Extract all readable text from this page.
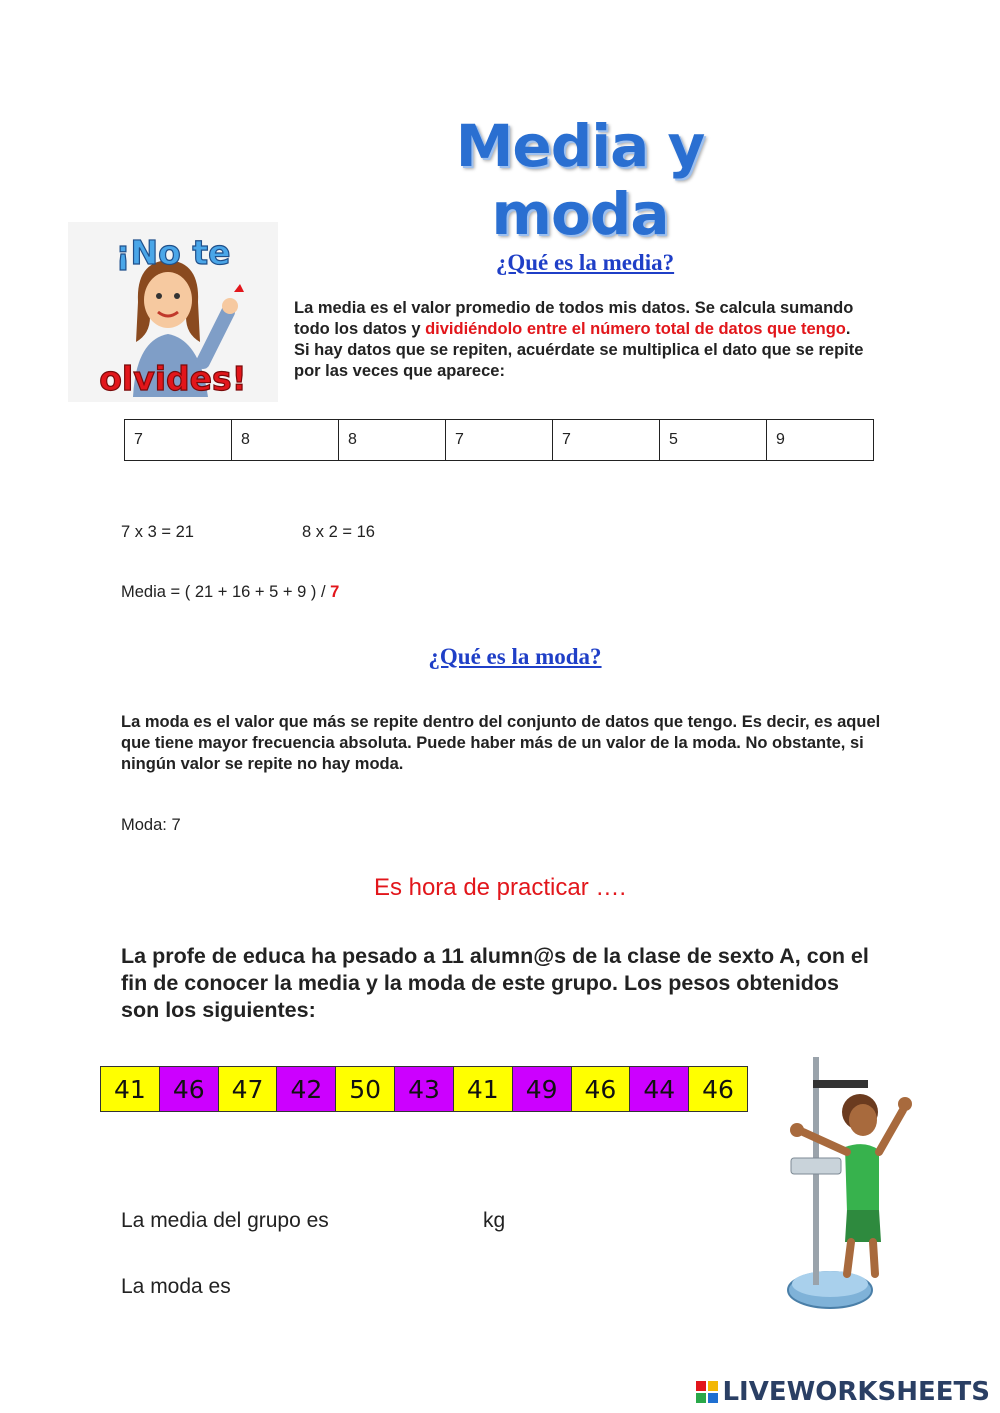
Media y moda
¡No te
olvides!
¿Qué es la media?
La media es el valor promedio de todos mis datos. Se calcula sumando todo los datos y dividiéndolo entre el número total de datos que tengo. Si hay datos que se repiten, acuérdate se multiplica el dato que se repite por las veces que aparece:
7	8	8	7	7	5	9
7 x 3 = 21	8 x 2 = 16
Media = ( 21 + 16 + 5 + 9 ) / 7
¿Qué es la moda?
La moda es el valor que más se repite dentro del conjunto de datos que tengo. Es decir, es aquel que tiene mayor frecuencia absoluta. Puede haber más de un valor de la moda. No obstante, si ningún valor se repite no hay moda.
Moda: 7
Es hora de practicar ….
La profe de educa ha pesado a 11 alumn@s de la clase de sexto A, con el fin de conocer la media y la moda de este grupo. Los pesos obtenidos son los siguientes:
41	46	47	42	50	43	41	49	46	44	46
La media del grupo es	kg
La moda es
LIVEWORKSHEETS
